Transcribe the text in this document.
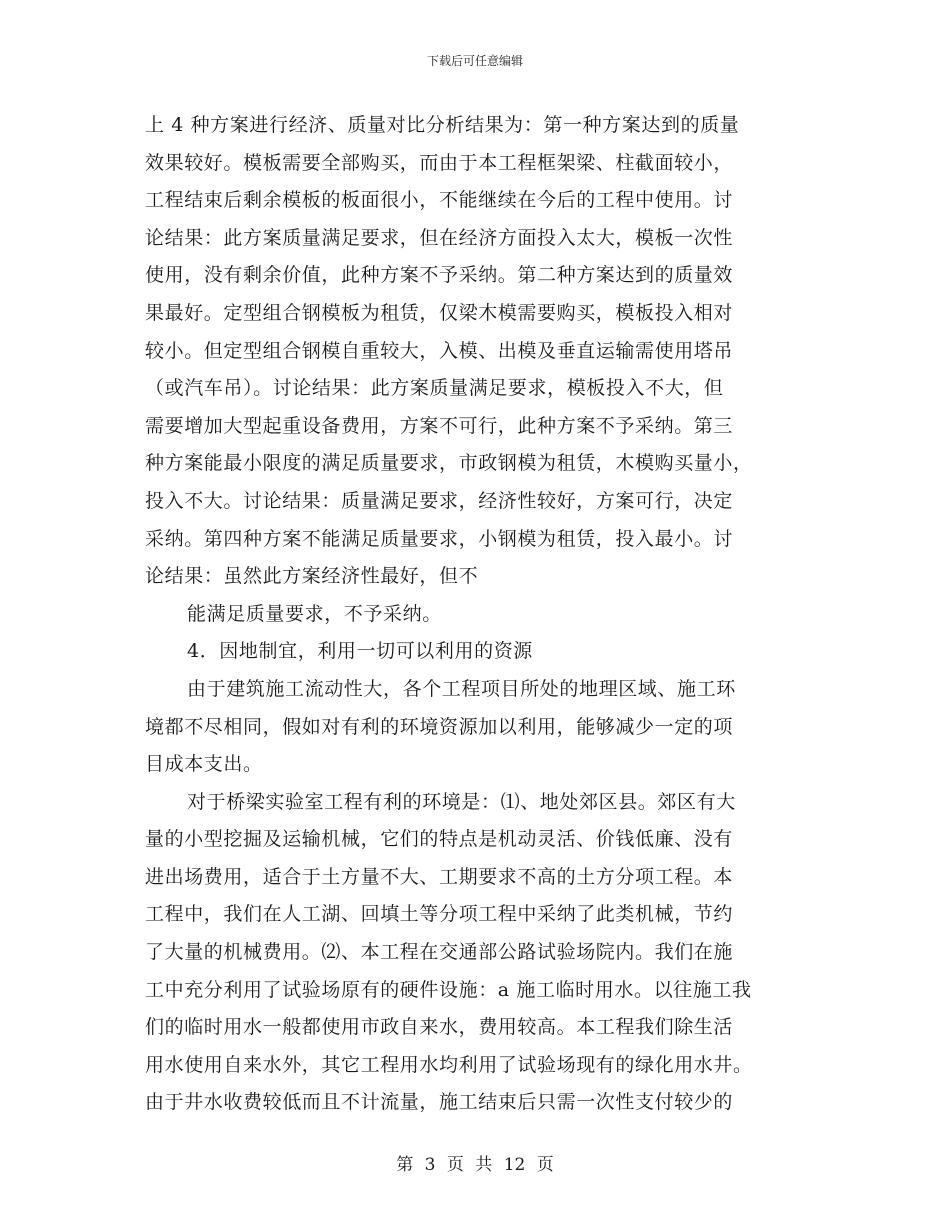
下载后可任意编辑
上 4 种方案进行经济、质量对比分析结果为：第一种方案达到的质量
效果较好。模板需要全部购买，而由于本工程框架梁、柱截面较小，
工程结束后剩余模板的板面很小，不能继续在今后的工程中使用。讨
论结果：此方案质量满足要求，但在经济方面投入太大，模板一次性
使用，没有剩余价值，此种方案不予采纳。第二种方案达到的质量效
果最好。定型组合钢模板为租赁，仅梁木模需要购买，模板投入相对
较小。但定型组合钢模自重较大，入模、出模及垂直运输需使用塔吊
（或汽车吊）。讨论结果：此方案质量满足要求，模板投入不大，但
需要增加大型起重设备费用，方案不可行，此种方案不予采纳。第三
种方案能最小限度的满足质量要求，市政钢模为租赁，木模购买量小，
投入不大。讨论结果：质量满足要求，经济性较好，方案可行，决定
采纳。第四种方案不能满足质量要求，小钢模为租赁，投入最小。讨
论结果：虽然此方案经济性最好，但不
能满足质量要求，不予采纳。
4．因地制宜，利用一切可以利用的资源
由于建筑施工流动性大，各个工程项目所处的地理区域、施工环
境都不尽相同，假如对有利的环境资源加以利用，能够减少一定的项
目成本支出。
对于桥梁实验室工程有利的环境是：⑴、地处郊区县。郊区有大
量的小型挖掘及运输机械，它们的特点是机动灵活、价钱低廉、没有
进出场费用，适合于土方量不大、工期要求不高的土方分项工程。本
工程中，我们在人工湖、回填土等分项工程中采纳了此类机械，节约
了大量的机械费用。⑵、本工程在交通部公路试验场院内。我们在施
工中充分利用了试验场原有的硬件设施：a 施工临时用水。以往施工我
们的临时用水一般都使用市政自来水，费用较高。本工程我们除生活
用水使用自来水外，其它工程用水均利用了试验场现有的绿化用水井。
由于井水收费较低而且不计流量，施工结束后只需一次性支付较少的
第 3 页 共 12 页
